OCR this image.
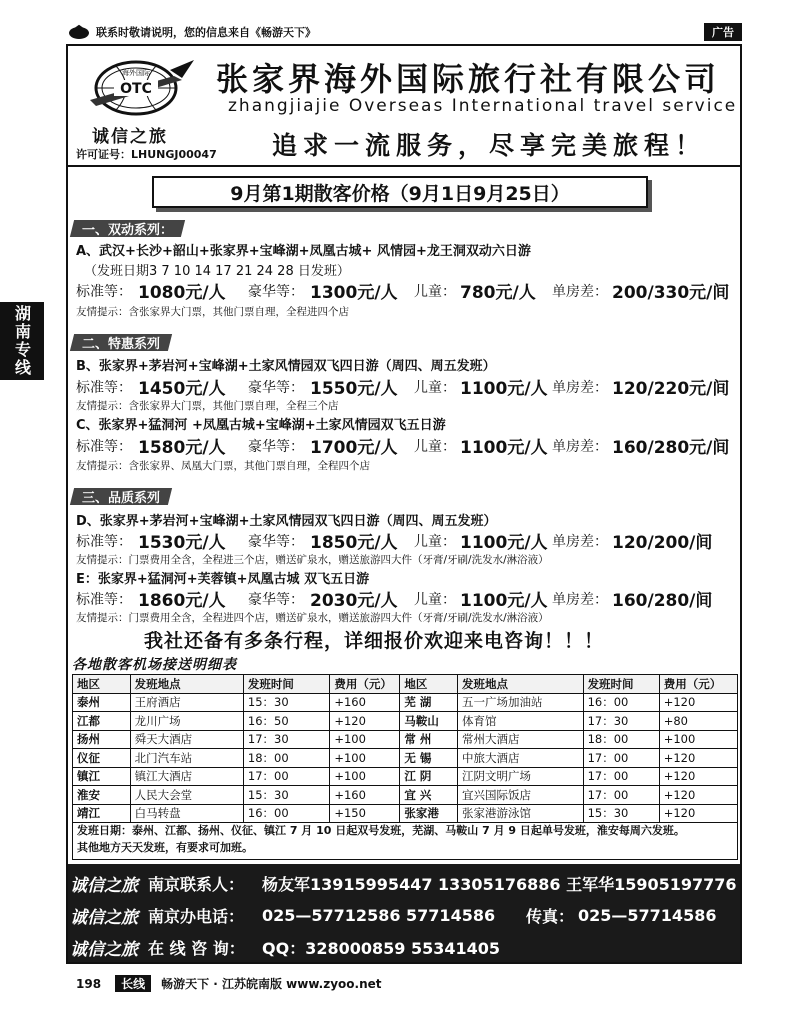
联系时敬请说明，您的信息来自《畅游天下》	广告
湖南专线
OTC
海外国际
诚信之旅
许可证号：LHUNGJ00047
张家界海外国际旅行社有限公司
zhangjiajie Overseas International travel service
追求一流服务，尽享完美旅程！
9月第1期散客价格（9月1日9月25日）
一、双动系列：
A、武汉+长沙+韶山+张家界+宝峰湖+凤凰古城+ 风情园+龙王洞双动六日游
（发班日期3 7 10 14 17 21 24 28 日发班）
标准等： 1080元/人 豪华等： 1300元/人 儿童： 780元/人 单房差： 200/330元/间
友情提示：含张家界大门票，其他门票自理，全程进四个店
二、特惠系列
B、张家界+茅岩河+宝峰湖+土家风情园双飞四日游（周四、周五发班）
标准等： 1450元/人 豪华等： 1550元/人 儿童： 1100元/人 单房差： 120/220元/间
友情提示：含张家界大门票，其他门票自理，全程三个店
C、张家界+猛洞河 +凤凰古城+宝峰湖+土家风情园双飞五日游
标准等： 1580元/人 豪华等： 1700元/人 儿童： 1100元/人 单房差： 160/280元/间
友情提示：含张家界、凤凰大门票，其他门票自理，全程四个店
三、品质系列
D、张家界+茅岩河+宝峰湖+土家风情园双飞四日游（周四、周五发班）
标准等： 1530元/人 豪华等： 1850元/人 儿童： 1100元/人 单房差： 120/200/间
友情提示：门票费用全含，全程进三个店，赠送矿泉水，赠送旅游四大件（牙膏/牙刷/洗发水/淋浴液）
E：张家界+猛洞河+芙蓉镇+凤凰古城 双飞五日游
标准等： 1860元/人 豪华等： 2030元/人 儿童： 1100元/人 单房差： 160/280/间
友情提示：门票费用全含，全程进四个店，赠送矿泉水，赠送旅游四大件（牙膏/牙刷/洗发水/淋浴液）
我社还备有多条行程，详细报价欢迎来电咨询！！！
各地散客机场接送明细表
地区	发班地点	发班时间	费用（元）	地区	发班地点	发班时间	费用（元）
泰州	王府酒店	15：30	+160	芜 湖	五一广场加油站	16：00	+120
江都	龙川广场	16：50	+120	马鞍山	体育馆	17：30	+80
扬州	舜天大酒店	17：30	+100	常 州	常州大酒店	18：00	+100
仪征	北门汽车站	18：00	+100	无 锡	中旅大酒店	17：00	+120
镇江	镇江大酒店	17：00	+100	江 阴	江阴文明广场	17：00	+120
淮安	人民大会堂	15：30	+160	宜 兴	宜兴国际饭店	17：00	+120
靖江	白马转盘	16：00	+150	张家港	张家港游泳馆	15：30	+120
发班日期：泰州、江都、扬州、仪征、镇江 7 月 10 日起双号发班，芜湖、马鞍山 7 月 9 日起单号发班，淮安每周六发班。
其他地方天天发班，有要求可加班。
诚信之旅 南京联系人： 杨友军13915995447 13305176886 王军华15905197776
诚信之旅 南京办电话： 025—57712586 57714586 传真： 025—57714586
诚信之旅 在 线 咨 询： QQ：328000859 55341405
198	长线	畅游天下 · 江苏皖南版 www.zyoo.net
